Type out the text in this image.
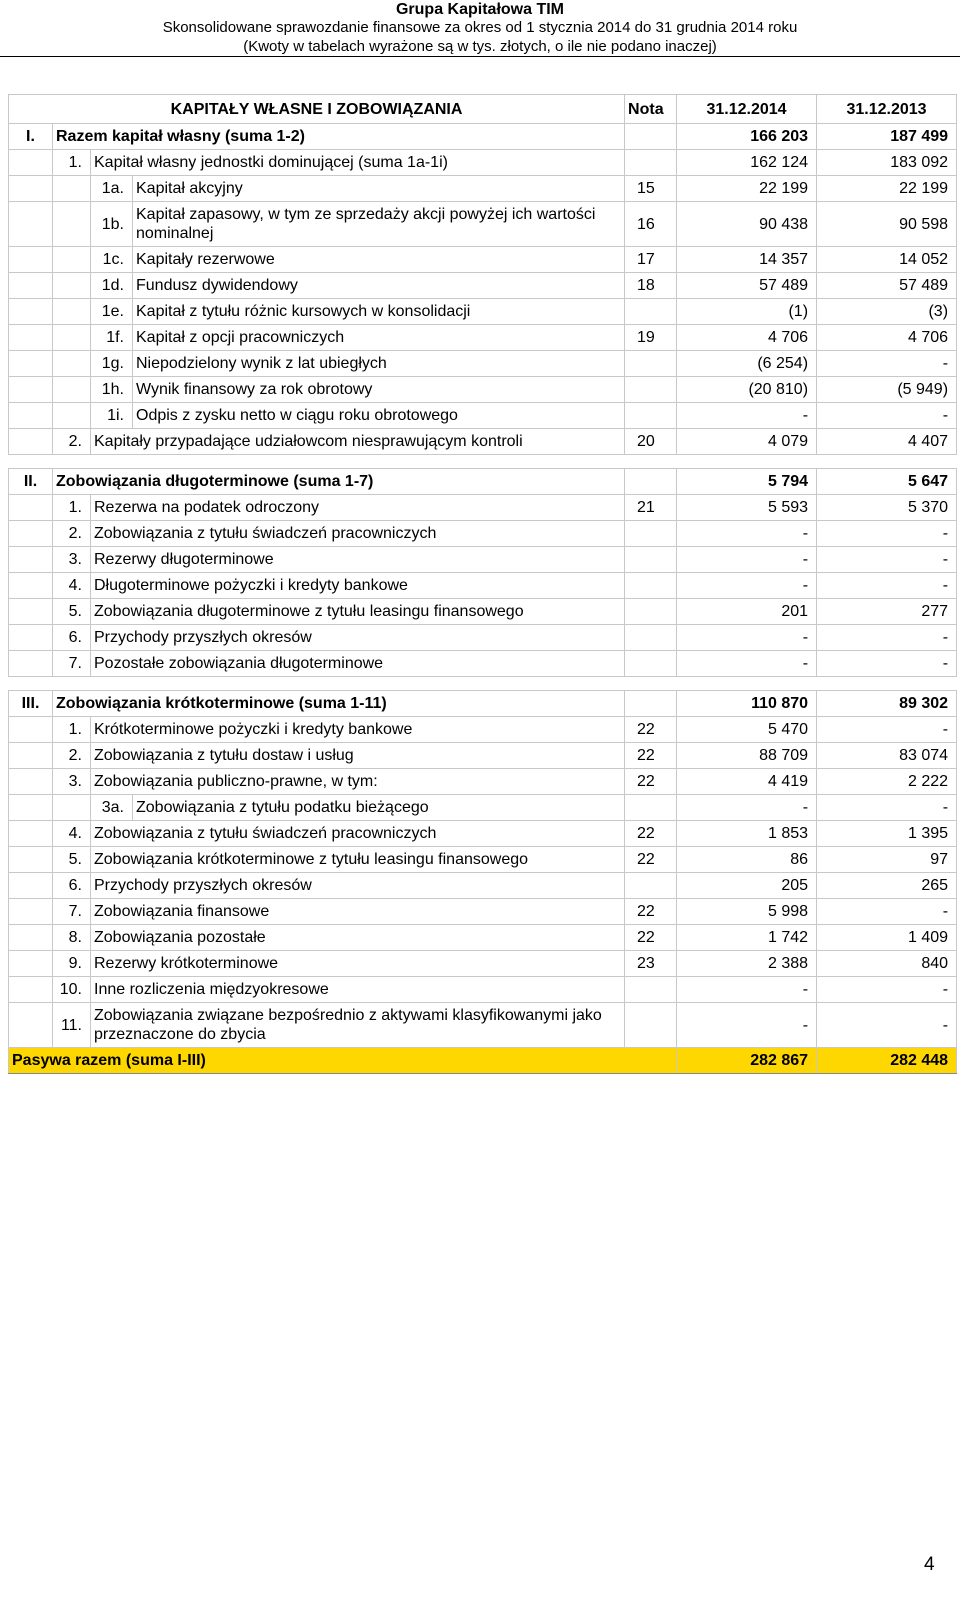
Grupa Kapitałowa TIM
Skonsolidowane sprawozdanie finansowe za okres od 1 stycznia 2014 do 31 grudnia 2014 roku
(Kwoty w tabelach wyrażone są w tys. złotych, o ile nie podano inaczej)
KAPITAŁY WŁASNE I ZOBOWIĄZANIA				Nota	31.12.2014	31.12.2013
I.	Razem kapitał własny (suma 1-2)				166 203	187 499
	1.	Kapitał własny jednostki dominującej (suma 1a-1i)			162 124	183 092
		1a.	Kapitał akcyjny	15	22 199	22 199
		1b.	Kapitał zapasowy, w tym ze sprzedaży akcji powyżej ich wartości nominalnej	16	90 438	90 598
		1c.	Kapitały rezerwowe	17	14 357	14 052
		1d.	Fundusz dywidendowy	18	57 489	57 489
		1e.	Kapitał z tytułu różnic kursowych w konsolidacji		(1)	(3)
		1f.	Kapitał z opcji pracowniczych	19	4 706	4 706
		1g.	Niepodzielony wynik z lat ubiegłych		(6 254)	-
		1h.	Wynik finansowy za rok obrotowy		(20 810)	(5 949)
		1i.	Odpis z zysku netto w ciągu roku obrotowego		-	-
	2.	Kapitały przypadające udziałowcom niesprawującym kontroli		20	4 079	4 407

II.	Zobowiązania długoterminowe (suma 1-7)				5 794	5 647
	1.	Rezerwa na podatek odroczony		21	5 593	5 370
	2.	Zobowiązania z tytułu świadczeń pracowniczych			-	-
	3.	Rezerwy długoterminowe			-	-
	4.	Długoterminowe pożyczki i kredyty bankowe			-	-
	5.	Zobowiązania długoterminowe z tytułu leasingu finansowego			201	277
	6.	Przychody przyszłych okresów			-	-
	7.	Pozostałe zobowiązania długoterminowe			-	-

III.	Zobowiązania krótkoterminowe (suma 1-11)				110 870	89 302
	1.	Krótkoterminowe pożyczki i kredyty bankowe		22	5 470	-
	2.	Zobowiązania z tytułu dostaw i usług		22	88 709	83 074
	3.	Zobowiązania publiczno-prawne, w tym:		22	4 419	2 222
		3a.	Zobowiązania z tytułu podatku bieżącego		-	-
	4.	Zobowiązania z tytułu świadczeń pracowniczych		22	1 853	1 395
	5.	Zobowiązania krótkoterminowe z tytułu leasingu finansowego		22	86	97
	6.	Przychody przyszłych okresów			205	265
	7.	Zobowiązania finansowe		22	5 998	-
	8.	Zobowiązania pozostałe		22	1 742	1 409
	9.	Rezerwy krótkoterminowe		23	2 388	840
	10.	Inne rozliczenia międzyokresowe			-	-
	11.	Zobowiązania związane bezpośrednio z aktywami klasyfikowanymi jako przeznaczone do zbycia			-	-
Pasywa razem (suma I-III)					282 867	282 448
4
